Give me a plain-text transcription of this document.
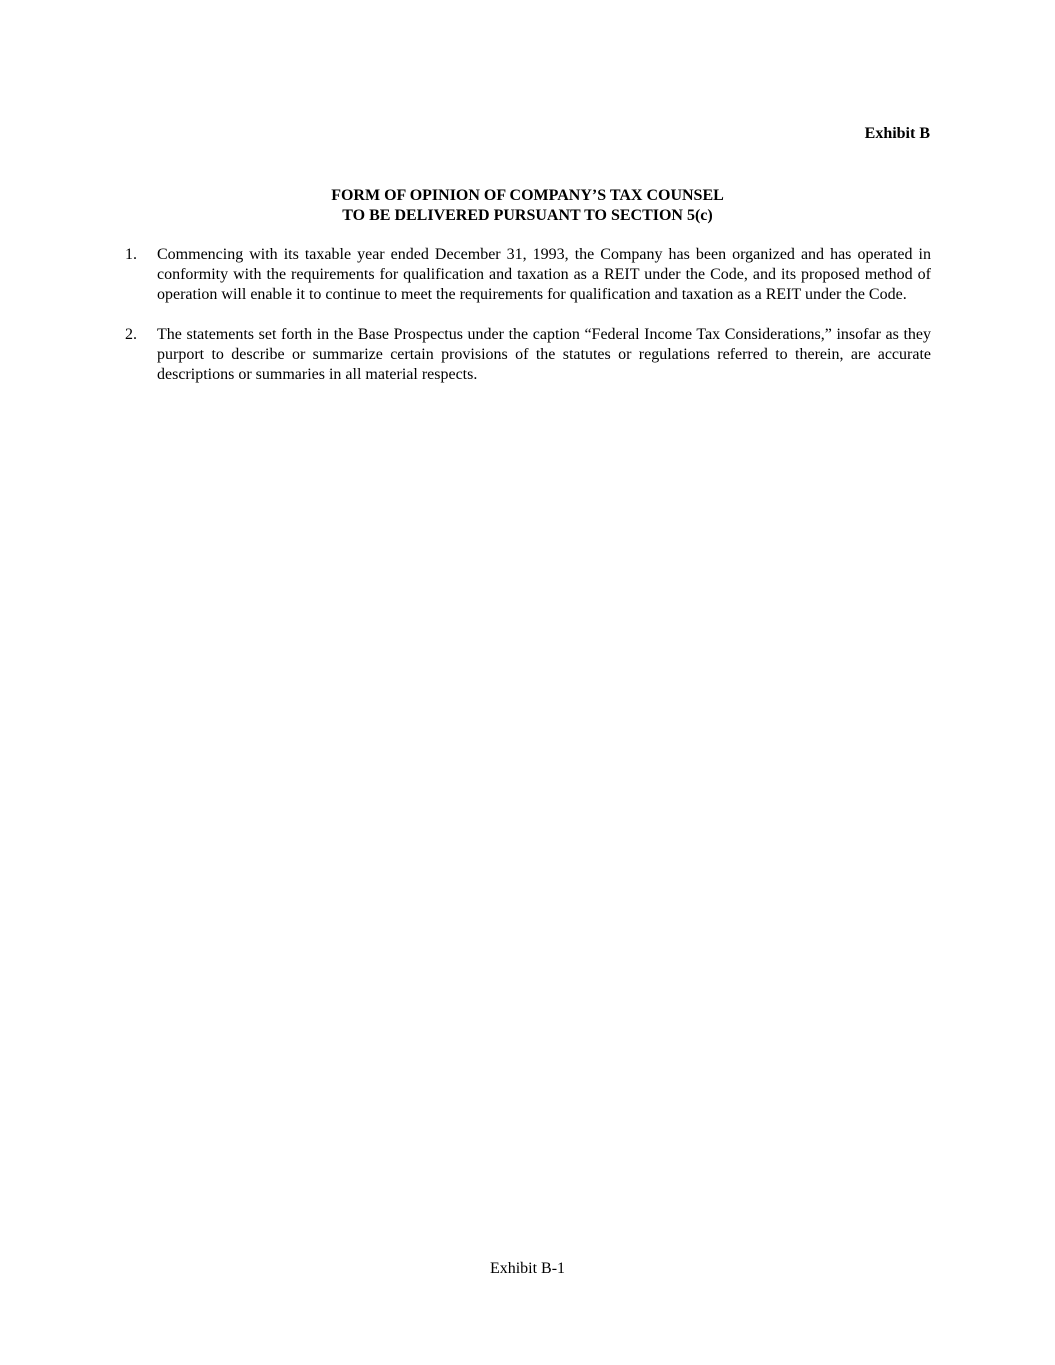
Exhibit B
FORM OF OPINION OF COMPANY’S TAX COUNSEL
TO BE DELIVERED PURSUANT TO SECTION 5(c)
1. Commencing with its taxable year ended December 31, 1993, the Company has been organized and has operated in conformity with the requirements for qualification and taxation as a REIT under the Code, and its proposed method of operation will enable it to continue to meet the requirements for qualification and taxation as a REIT under the Code.
2. The statements set forth in the Base Prospectus under the caption “Federal Income Tax Considerations,” insofar as they purport to describe or summarize certain provisions of the statutes or regulations referred to therein, are accurate descriptions or summaries in all material respects.
Exhibit B-1
